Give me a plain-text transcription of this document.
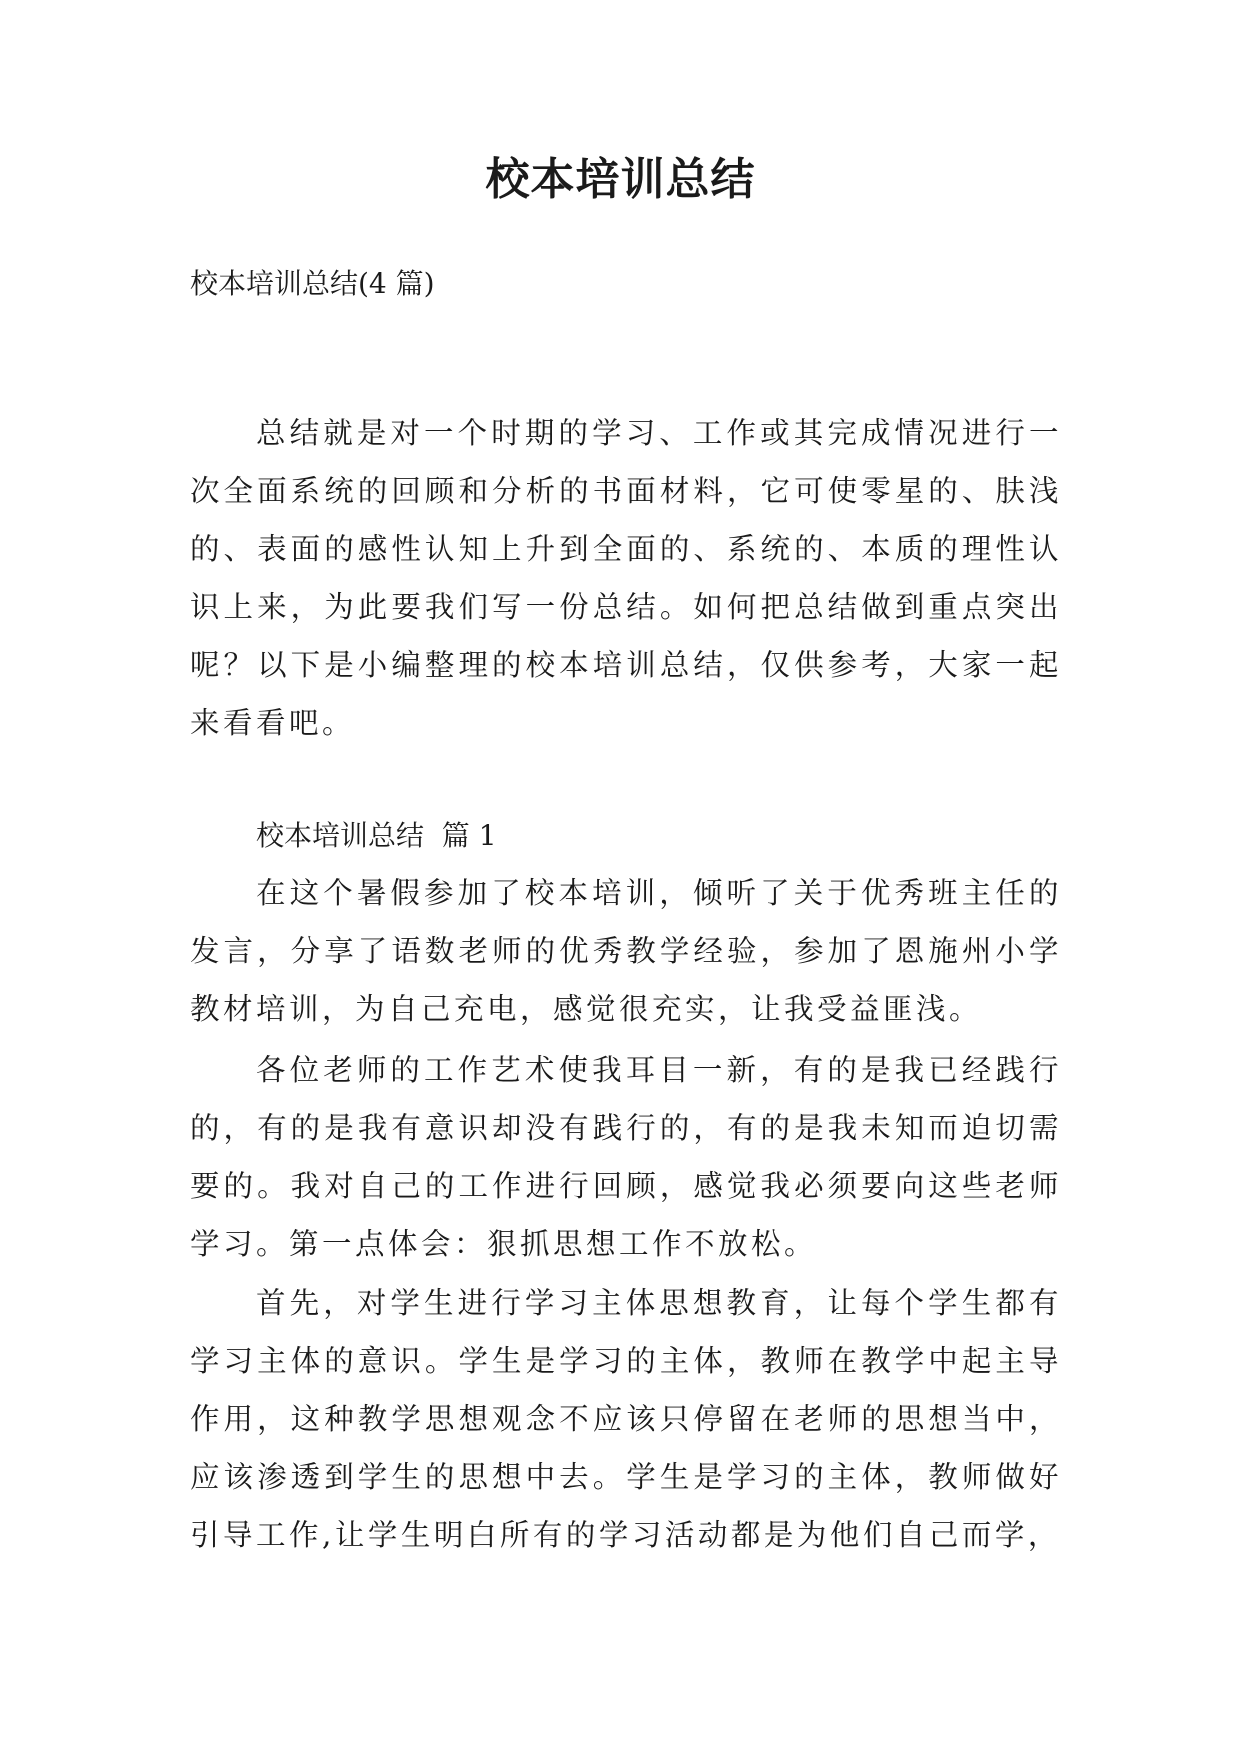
校本培训总结

校本培训总结(4 篇)

总结就是对一个时期的学习、工作或其完成情况进行一次全面系统的回顾和分析的书面材料，它可使零星的、肤浅的、表面的感性认知上升到全面的、系统的、本质的理性认识上来，为此要我们写一份总结。如何把总结做到重点突出呢？以下是小编整理的校本培训总结，仅供参考，大家一起来看看吧。

校本培训总结  篇 1

在这个暑假参加了校本培训，倾听了关于优秀班主任的发言，分享了语数老师的优秀教学经验，参加了恩施州小学教材培训，为自己充电，感觉很充实，让我受益匪浅。

各位老师的工作艺术使我耳目一新，有的是我已经践行的，有的是我有意识却没有践行的，有的是我未知而迫切需要的。我对自己的工作进行回顾，感觉我必须要向这些老师学习。第一点体会：狠抓思想工作不放松。

首先，对学生进行学习主体思想教育，让每个学生都有学习主体的意识。学生是学习的主体，教师在教学中起主导作用，这种教学思想观念不应该只停留在老师的思想当中，应该渗透到学生的思想中去。学生是学习的主体，教师做好引导工作,让学生明白所有的学习活动都是为他们自己而学，
